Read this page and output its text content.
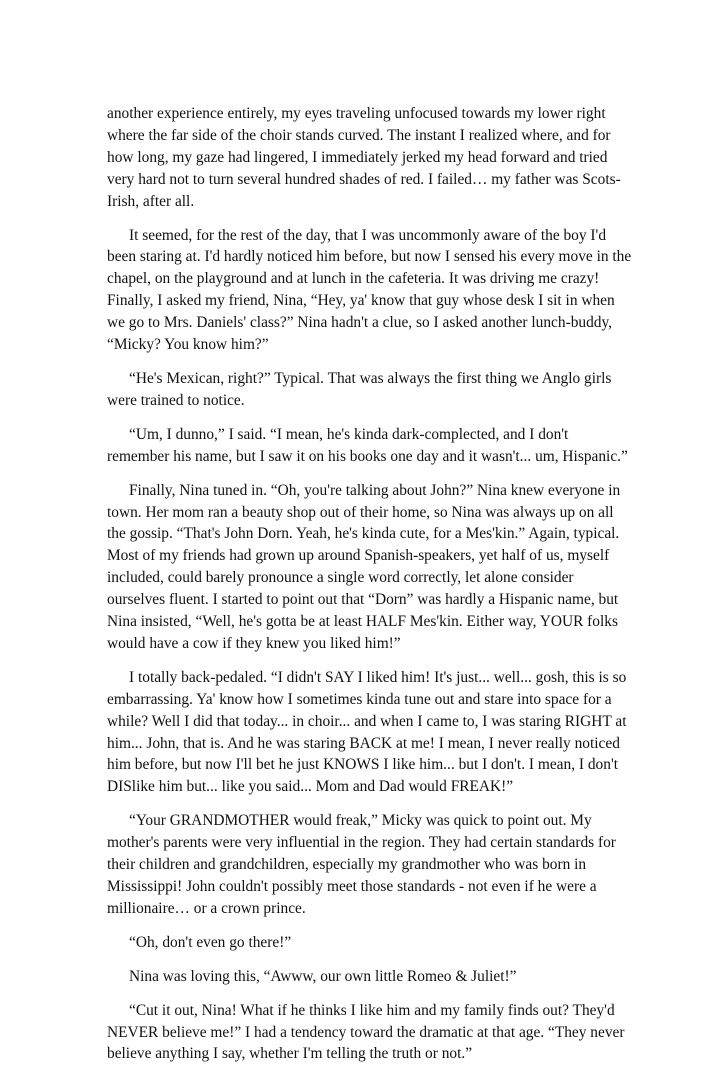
another experience entirely, my eyes traveling unfocused towards my lower right where the far side of the choir stands curved. The instant I realized where, and for how long, my gaze had lingered, I immediately jerked my head forward and tried very hard not to turn several hundred shades of red. I failed… my father was Scots-Irish, after all.

It seemed, for the rest of the day, that I was uncommonly aware of the boy I'd been staring at. I'd hardly noticed him before, but now I sensed his every move in the chapel, on the playground and at lunch in the cafeteria. It was driving me crazy! Finally, I asked my friend, Nina, “Hey, ya' know that guy whose desk I sit in when we go to Mrs. Daniels' class?” Nina hadn't a clue, so I asked another lunch-buddy, “Micky? You know him?”

“He's Mexican, right?” Typical. That was always the first thing we Anglo girls were trained to notice.

“Um, I dunno,” I said. “I mean, he's kinda dark-complected, and I don't remember his name, but I saw it on his books one day and it wasn't... um, Hispanic.”

Finally, Nina tuned in. “Oh, you're talking about John?” Nina knew everyone in town. Her mom ran a beauty shop out of their home, so Nina was always up on all the gossip. “That's John Dorn. Yeah, he's kinda cute, for a Mes'kin.” Again, typical. Most of my friends had grown up around Spanish-speakers, yet half of us, myself included, could barely pronounce a single word correctly, let alone consider ourselves fluent. I started to point out that “Dorn” was hardly a Hispanic name, but Nina insisted, “Well, he's gotta be at least HALF Mes'kin. Either way, YOUR folks would have a cow if they knew you liked him!”

I totally back-pedaled. “I didn't SAY I liked him! It's just... well... gosh, this is so embarrassing. Ya' know how I sometimes kinda tune out and stare into space for a while? Well I did that today... in choir... and when I came to, I was staring RIGHT at him... John, that is. And he was staring BACK at me! I mean, I never really noticed him before, but now I'll bet he just KNOWS I like him... but I don't. I mean, I don't DISlike him but... like you said... Mom and Dad would FREAK!”

“Your GRANDMOTHER would freak,” Micky was quick to point out. My mother's parents were very influential in the region. They had certain standards for their children and grandchildren, especially my grandmother who was born in Mississippi! John couldn't possibly meet those standards - not even if he were a millionaire… or a crown prince.

“Oh, don't even go there!”

Nina was loving this, “Awww, our own little Romeo & Juliet!”

“Cut it out, Nina! What if he thinks I like him and my family finds out? They'd NEVER believe me!” I had a tendency toward the dramatic at that age. “They never believe anything I say, whether I'm telling the truth or not.”
